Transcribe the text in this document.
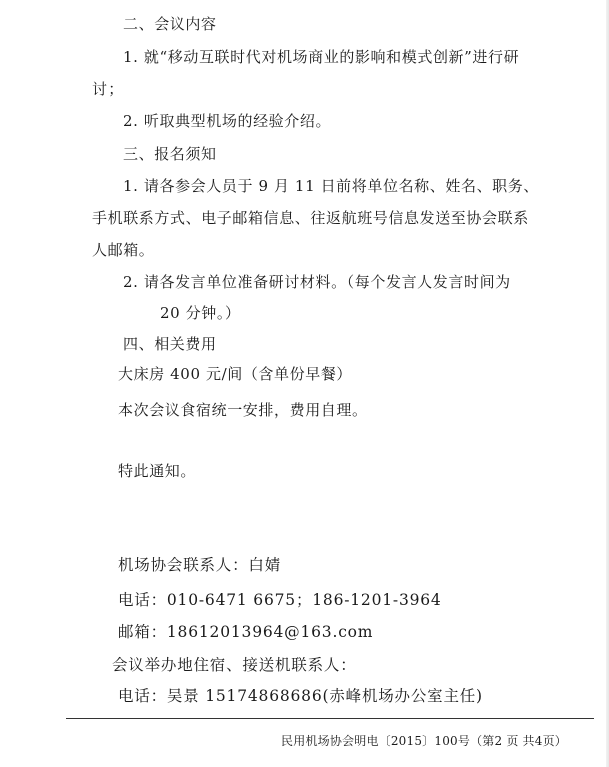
二、会议内容
1. 就“移动互联时代对机场商业的影响和模式创新”进行研
讨；
2. 听取典型机场的经验介绍。
三、报名须知
1. 请各参会人员于 9 月 11 日前将单位名称、姓名、职务、
手机联系方式、电子邮箱信息、往返航班号信息发送至协会联系
人邮箱。
2. 请各发言单位准备研讨材料。（每个发言人发言时间为
20 分钟。）
四、相关费用
大床房 400 元/间（含单份早餐）
本次会议食宿统一安排，费用自理。
特此通知。
机场协会联系人：白婧
电话：010-6471 6675；186-1201-3964
邮箱：18612013964@163.com
会议举办地住宿、接送机联系人：
电话：吴景 15174868686(赤峰机场办公室主任)
民用机场协会明电〔2015〕100号（第2 页 共4页）
